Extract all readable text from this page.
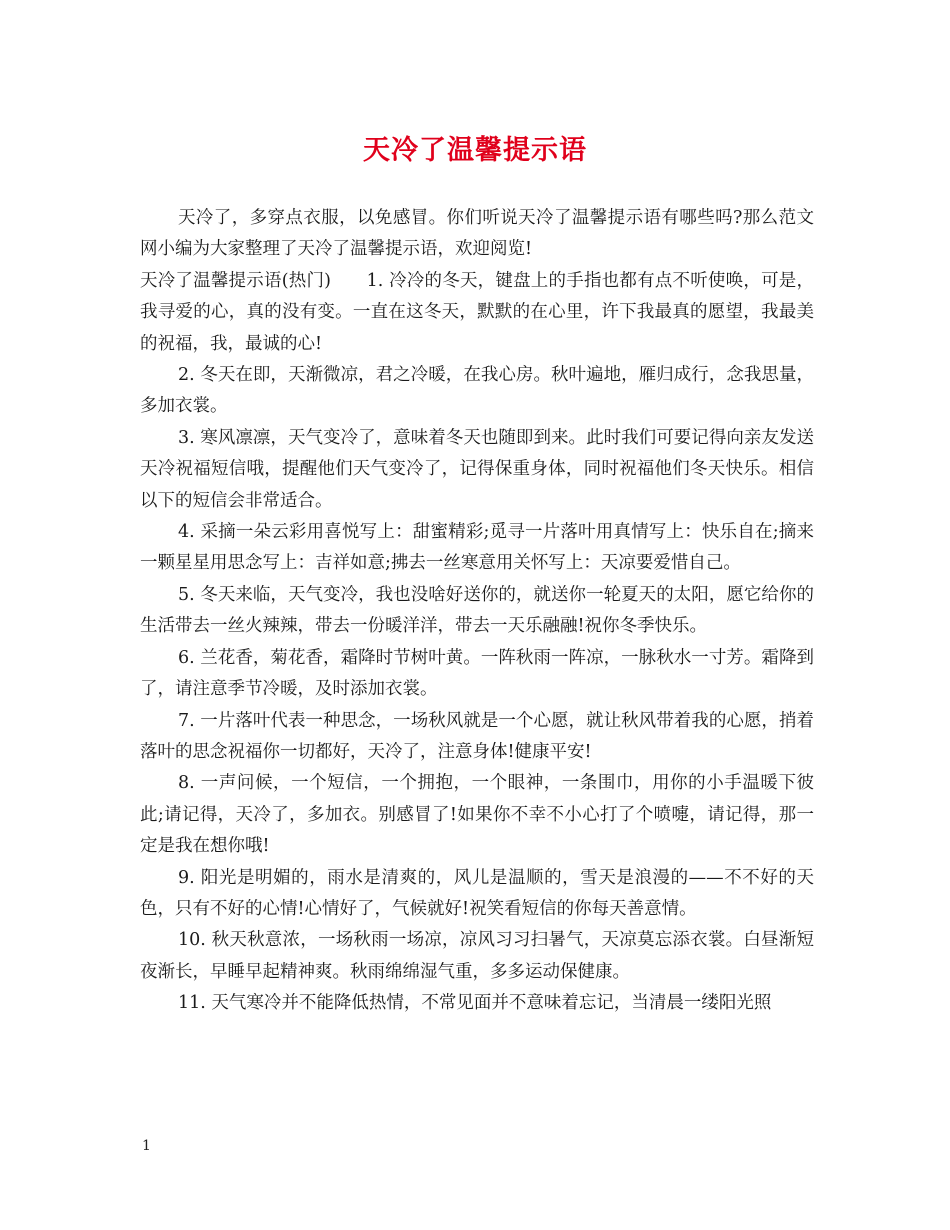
天冷了温馨提示语

天冷了，多穿点衣服，以免感冒。你们听说天冷了温馨提示语有哪些吗?那么范文网小编为大家整理了天冷了温馨提示语，欢迎阅览!

天冷了温馨提示语(热门)　　1. 冷冷的冬天，键盘上的手指也都有点不听使唤，可是，我寻爱的心，真的没有变。一直在这冬天，默默的在心里，许下我最真的愿望，我最美的祝福，我，最诚的心!

2. 冬天在即，天渐微凉，君之冷暖，在我心房。秋叶遍地，雁归成行，念我思量，多加衣裳。

3. 寒风凛凛，天气变冷了，意味着冬天也随即到来。此时我们可要记得向亲友发送天冷祝福短信哦，提醒他们天气变冷了，记得保重身体，同时祝福他们冬天快乐。相信以下的短信会非常适合。

4. 采摘一朵云彩用喜悦写上：甜蜜精彩;觅寻一片落叶用真情写上：快乐自在;摘来一颗星星用思念写上：吉祥如意;拂去一丝寒意用关怀写上：天凉要爱惜自己。

5. 冬天来临，天气变冷，我也没啥好送你的，就送你一轮夏天的太阳，愿它给你的生活带去一丝火辣辣，带去一份暖洋洋，带去一天乐融融!祝你冬季快乐。

6. 兰花香，菊花香，霜降时节树叶黄。一阵秋雨一阵凉，一脉秋水一寸芳。霜降到了，请注意季节冷暖，及时添加衣裳。

7. 一片落叶代表一种思念，一场秋风就是一个心愿，就让秋风带着我的心愿，捎着落叶的思念祝福你一切都好，天冷了，注意身体!健康平安!

8. 一声问候，一个短信，一个拥抱，一个眼神，一条围巾，用你的小手温暖下彼此;请记得，天冷了，多加衣。别感冒了!如果你不幸不小心打了个喷嚏，请记得，那一定是我在想你哦!

9. 阳光是明媚的，雨水是清爽的，风儿是温顺的，雪天是浪漫的——不不好的天色，只有不好的心情!心情好了，气候就好!祝笑看短信的你每天善意情。

10. 秋天秋意浓，一场秋雨一场凉，凉风习习扫暑气，天凉莫忘添衣裳。白昼渐短夜渐长，早睡早起精神爽。秋雨绵绵湿气重，多多运动保健康。

11. 天气寒冷并不能降低热情，不常见面并不意味着忘记，当清晨一缕阳光照

1
